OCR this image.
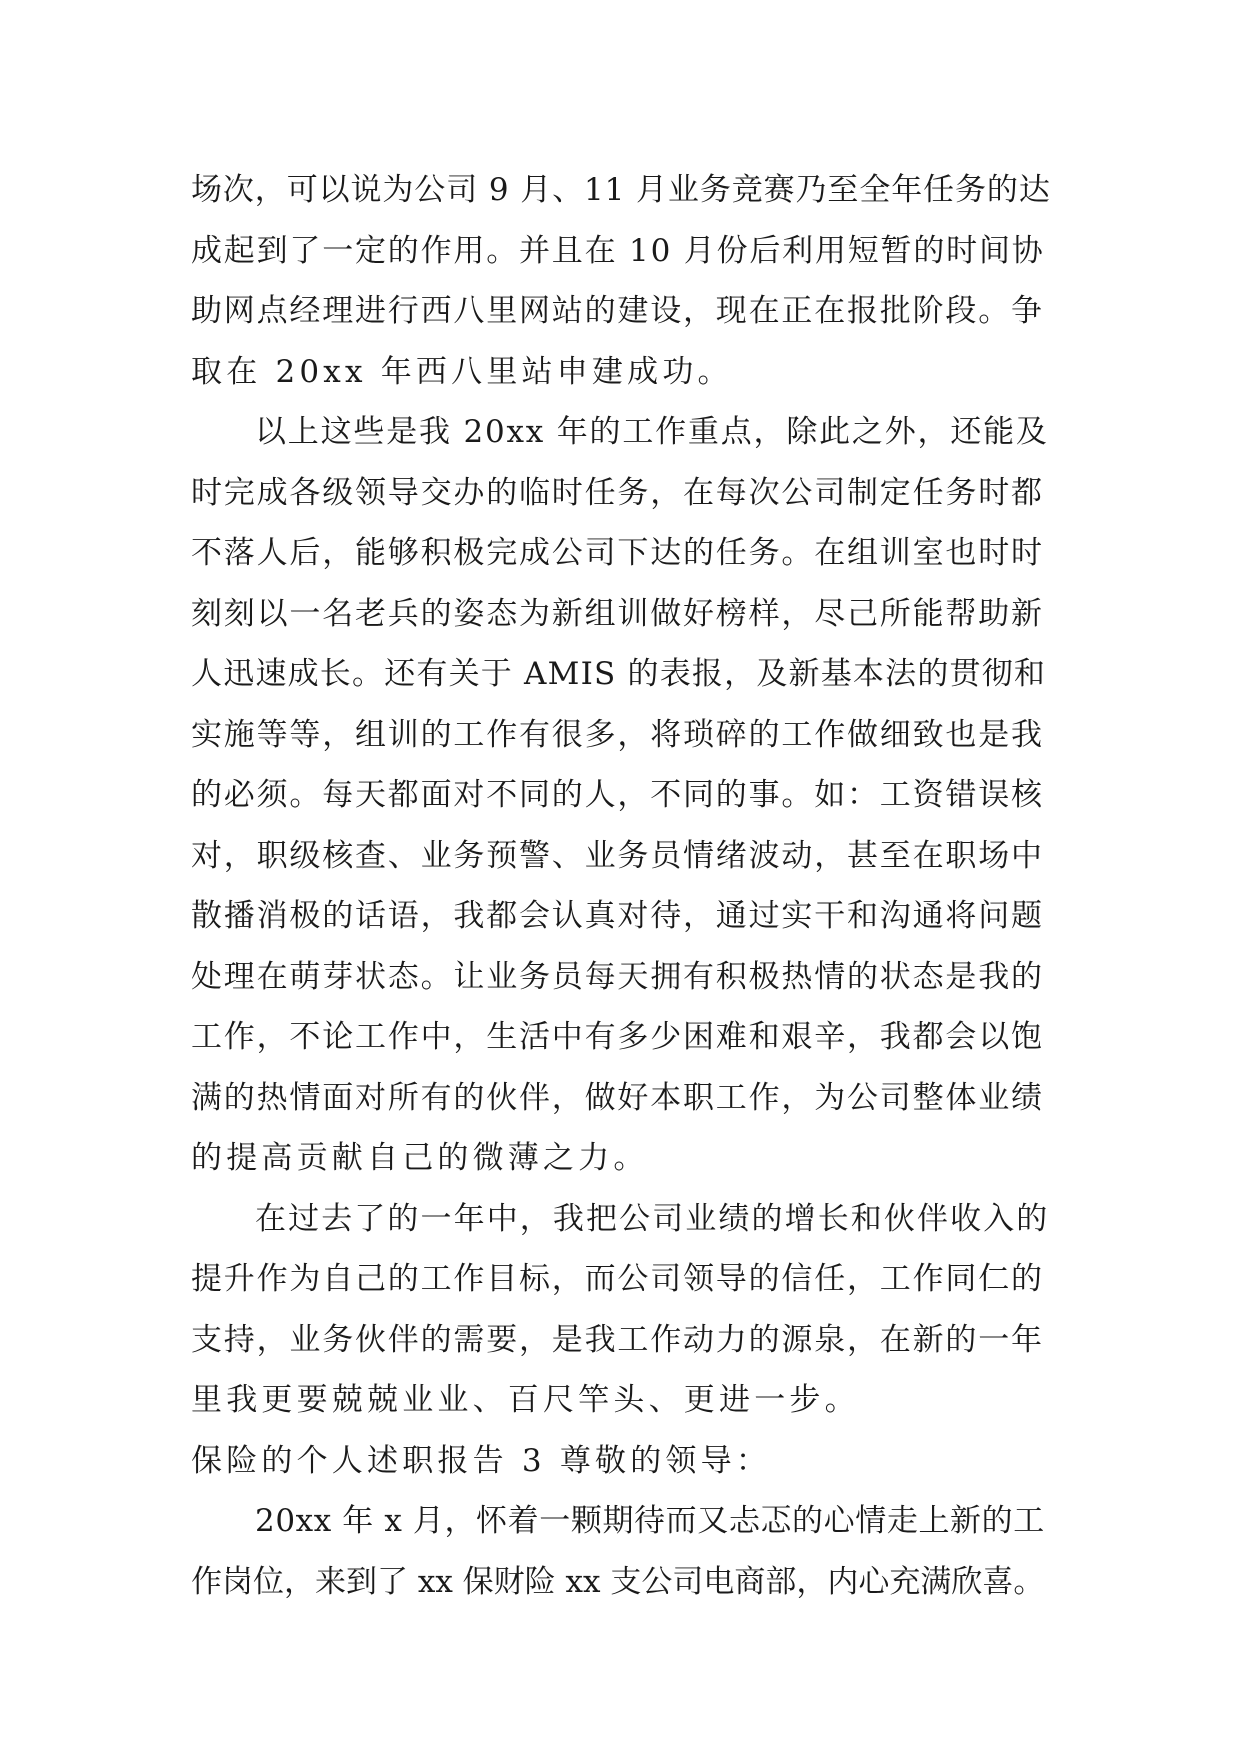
场次，可以说为公司 9 月、11 月业务竞赛乃至全年任务的达
成起到了一定的作用。并且在 10 月份后利用短暂的时间协
助网点经理进行西八里网站的建设，现在正在报批阶段。争
取在 20xx 年西八里站申建成功。
以上这些是我 20xx 年的工作重点，除此之外，还能及
时完成各级领导交办的临时任务，在每次公司制定任务时都
不落人后，能够积极完成公司下达的任务。在组训室也时时
刻刻以一名老兵的姿态为新组训做好榜样，尽己所能帮助新
人迅速成长。还有关于 AMIS 的表报，及新基本法的贯彻和
实施等等，组训的工作有很多，将琐碎的工作做细致也是我
的必须。每天都面对不同的人，不同的事。如：工资错误核
对，职级核查、业务预警、业务员情绪波动，甚至在职场中
散播消极的话语，我都会认真对待，通过实干和沟通将问题
处理在萌芽状态。让业务员每天拥有积极热情的状态是我的
工作，不论工作中，生活中有多少困难和艰辛，我都会以饱
满的热情面对所有的伙伴，做好本职工作，为公司整体业绩
的提高贡献自己的微薄之力。
在过去了的一年中，我把公司业绩的增长和伙伴收入的
提升作为自己的工作目标，而公司领导的信任，工作同仁的
支持，业务伙伴的需要，是我工作动力的源泉，在新的一年
里我更要兢兢业业、百尺竿头、更进一步。
保险的个人述职报告 3 尊敬的领导：
20xx 年 x 月，怀着一颗期待而又忐忑的心情走上新的工
作岗位，来到了 xx 保财险 xx 支公司电商部，内心充满欣喜。
